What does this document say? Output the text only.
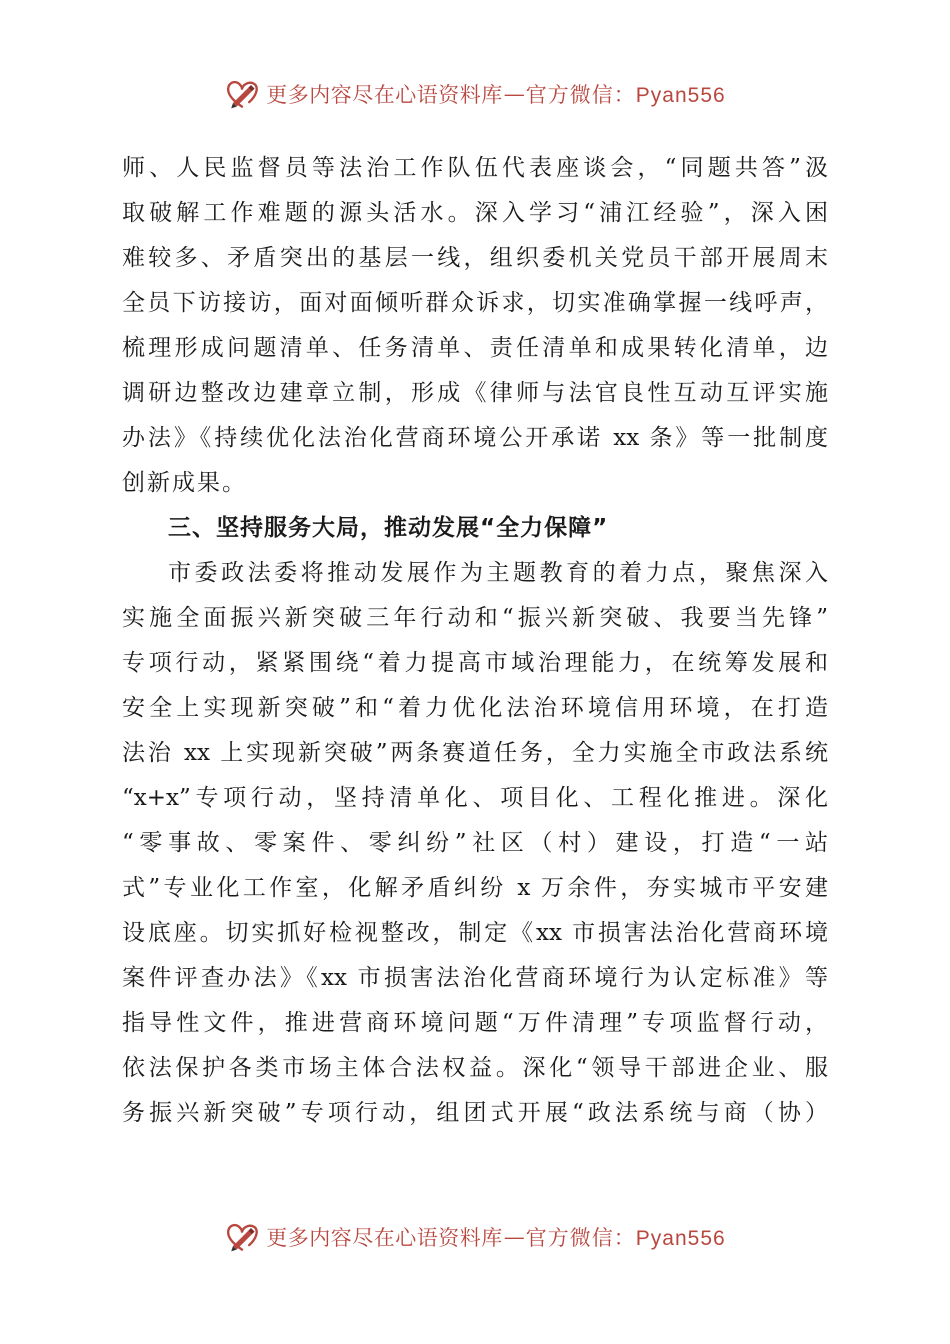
更多内容尽在心语资料库 — 官方微信：Pyan556
师、人民监督员等法治工作队伍代表座谈会，“同题共答”汲
取破解工作难题的源头活水。深入学习“浦江经验”，深入困
难较多、矛盾突出的基层一线，组织委机关党员干部开展周末
全员下访接访，面对面倾听群众诉求，切实准确掌握一线呼声，
梳理形成问题清单、任务清单、责任清单和成果转化清单，边
调研边整改边建章立制，形成《律师与法官良性互动互评实施
办法》《持续优化法治化营商环境公开承诺 xx 条》等一批制度
创新成果。
三、坚持服务大局，推动发展“全力保障”
市委政法委将推动发展作为主题教育的着力点，聚焦深入
实施全面振兴新突破三年行动和“振兴新突破、我要当先锋”
专项行动，紧紧围绕“着力提高市域治理能力，在统筹发展和
安全上实现新突破”和“着力优化法治环境信用环境，在打造
法治 xx 上实现新突破”两条赛道任务，全力实施全市政法系统
“x+x”专项行动，坚持清单化、项目化、工程化推进。深化
“零事故、零案件、零纠纷”社区（村）建设，打造“一站
式”专业化工作室，化解矛盾纠纷 x 万余件，夯实城市平安建
设底座。切实抓好检视整改，制定《xx 市损害法治化营商环境
案件评查办法》《xx 市损害法治化营商环境行为认定标准》等
指导性文件，推进营商环境问题“万件清理”专项监督行动，
依法保护各类市场主体合法权益。深化“领导干部进企业、服
务振兴新突破”专项行动，组团式开展“政法系统与商（协）
更多内容尽在心语资料库 — 官方微信：Pyan556
